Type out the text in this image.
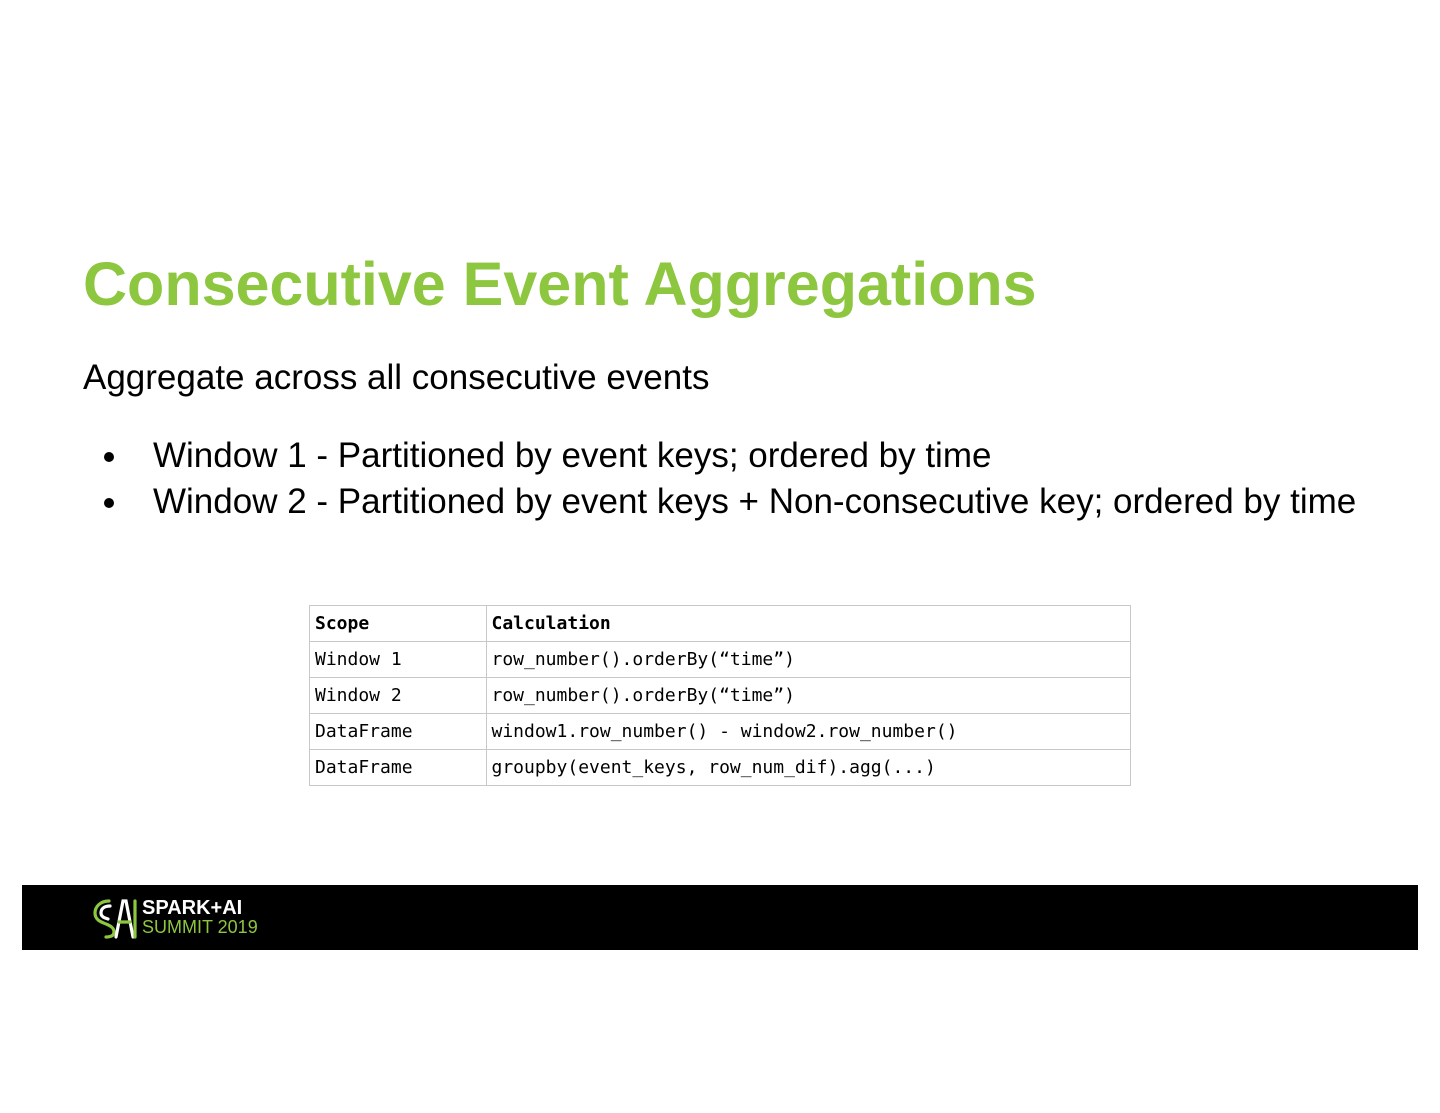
Consecutive Event Aggregations

Aggregate across all consecutive events

Window 1 - Partitioned by event keys; ordered by time
Window 2 - Partitioned by event keys + Non-consecutive key; ordered by time
Scope	Calculation
Window 1	row_number().orderBy(“time”)
Window 2	row_number().orderBy(“time”)
DataFrame	window1.row_number() - window2.row_number()
DataFrame	groupby(event_keys, row_num_dif).agg(...)
SPARK+AI
SUMMIT 2019
